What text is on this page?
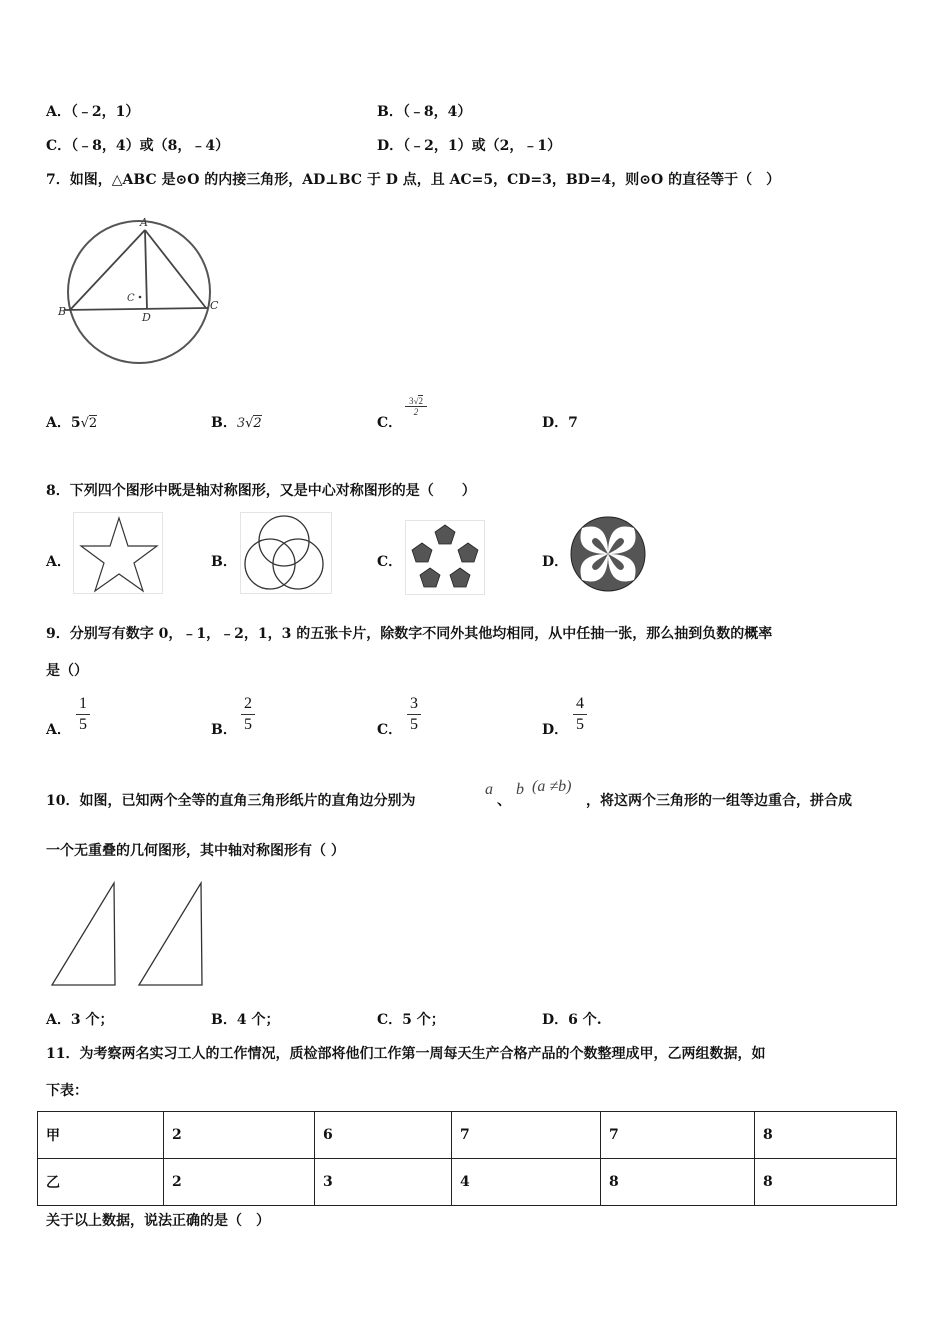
A．（﹣2，1）	B．（﹣8，4）
C．（﹣8，4）或（8，﹣4）	D．（﹣2，1）或（2，﹣1）
7．如图，△ABC 是⊙O 的内接三角形，AD⊥BC 于 D 点，且 AC=5，CD=3，BD=4，则⊙O 的直径等于（　）
A
B	C
D
C
A．5√2	B．3√2	C．
3√2
2
D．7
8．下列四个图形中既是轴对称图形，又是中心对称图形的是（　　）
A．	B．	C．	D．
9．分别写有数字 0，﹣1，﹣2，1，3 的五张卡片，除数字不同外其他均相同，从中任抽一张，那么抽到负数的概率
是（）
A．
1
5	B．
2
5	C．
3
5	D．
4
5
10．如图，已知两个全等的直角三角形纸片的直角边分别为
a
、
b (a ≠b)
，将这两个三角形的一组等边重合，拼合成
一个无重叠的几何图形，其中轴对称图形有（ ）
A．3 个；	B．4 个；	C．5 个；	D．6 个.
11．为考察两名实习工人的工作情况，质检部将他们工作第一周每天生产合格产品的个数整理成甲，乙两组数据，如
下表：
甲	2	6	7	7	8
乙	2	3	4	8	8
关于以上数据，说法正确的是（　）
